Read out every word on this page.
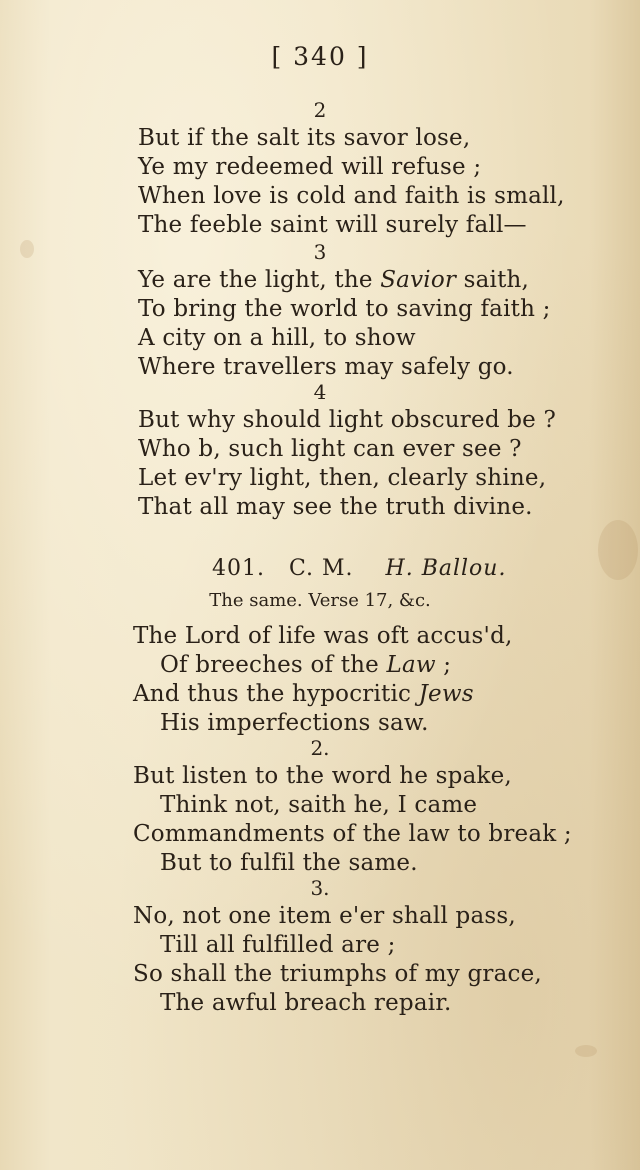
[ 340 ]
2
But if the salt its savor lose,
Ye my redeemed will refuse ;
When love is cold and faith is small,
The feeble saint will surely fall—
3
Ye are the light, the Savior saith,
To bring the world to saving faith ;
A city on a hill, to show
Where travellers may safely go.
4
But why should light obscured be ?
Who b, such light can ever see ?
Let ev'ry light, then, clearly shine,
That all may see the truth divine.
401. C. M. H. Ballou.
The same. Verse 17, &c.
The Lord of life was oft accus'd,
Of breeches of the Law ;
And thus the hypocritic Jews
His imperfections saw.
2.
But listen to the word he spake,
Think not, saith he, I came
Commandments of the law to break ;
But to fulfil the same.
3.
No, not one item e'er shall pass,
Till all fulfilled are ;
So shall the triumphs of my grace,
The awful breach repair.
